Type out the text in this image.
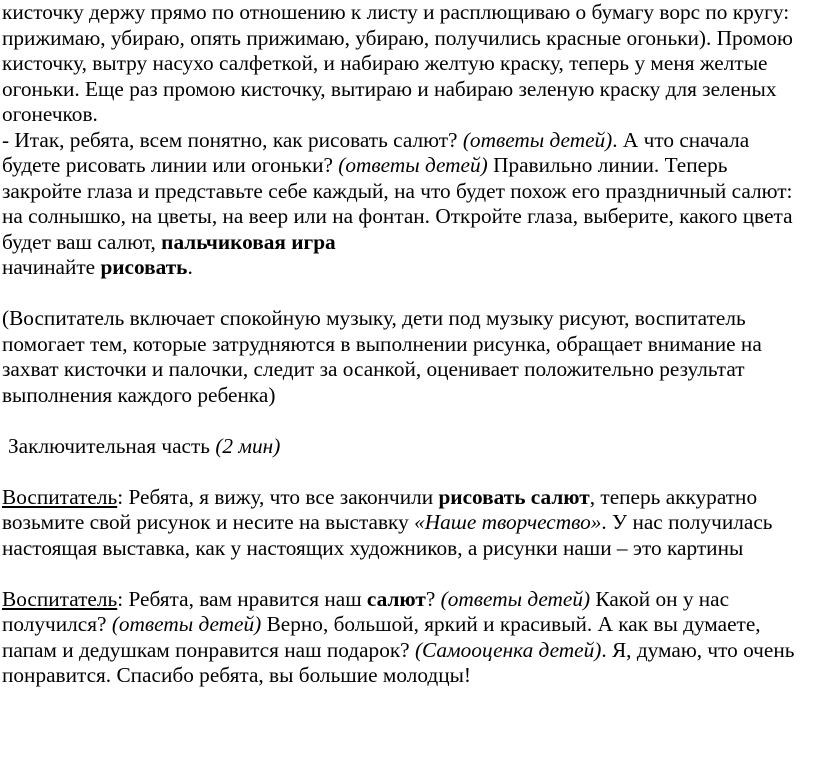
кисточку держу прямо по отношению к листу и расплющиваю о бумагу ворс по кругу: прижимаю, убираю, опять прижимаю, убираю, получились красные огоньки). Промою кисточку, вытру насухо салфеткой, и набираю желтую краску, теперь у меня желтые огоньки. Еще раз промою кисточку, вытираю и набираю зеленую краску для зеленых огонечков.

- Итак, ребята, всем понятно, как рисовать салют? (ответы детей). А что сначала будете рисовать линии или огоньки? (ответы детей) Правильно линии. Теперь закройте глаза и представьте себе каждый, на что будет похож его праздничный салют: на солнышко, на цветы, на веер или на фонтан. Откройте глаза, выберите, какого цвета будет ваш салют, пальчиковая игра
начинайте рисовать.

(Воспитатель включает спокойную музыку, дети под музыку рисуют, воспитатель помогает тем, которые затрудняются в выполнении рисунка, обращает внимание на захват кисточки и палочки, следит за осанкой, оценивает положительно результат выполнения каждого ребенка)

Заключительная часть (2 мин)

Воспитатель: Ребята, я вижу, что все закончили рисовать салют, теперь аккуратно возьмите свой рисунок и несите на выставку «Наше творчество». У нас получилась настоящая выставка, как у настоящих художников, а рисунки наши – это картины

Воспитатель: Ребята, вам нравится наш салют? (ответы детей) Какой он у нас получился? (ответы детей) Верно, большой, яркий и красивый. А как вы думаете, папам и дедушкам понравится наш подарок? (Самооценка детей). Я, думаю, что очень понравится. Спасибо ребята, вы большие молодцы!
